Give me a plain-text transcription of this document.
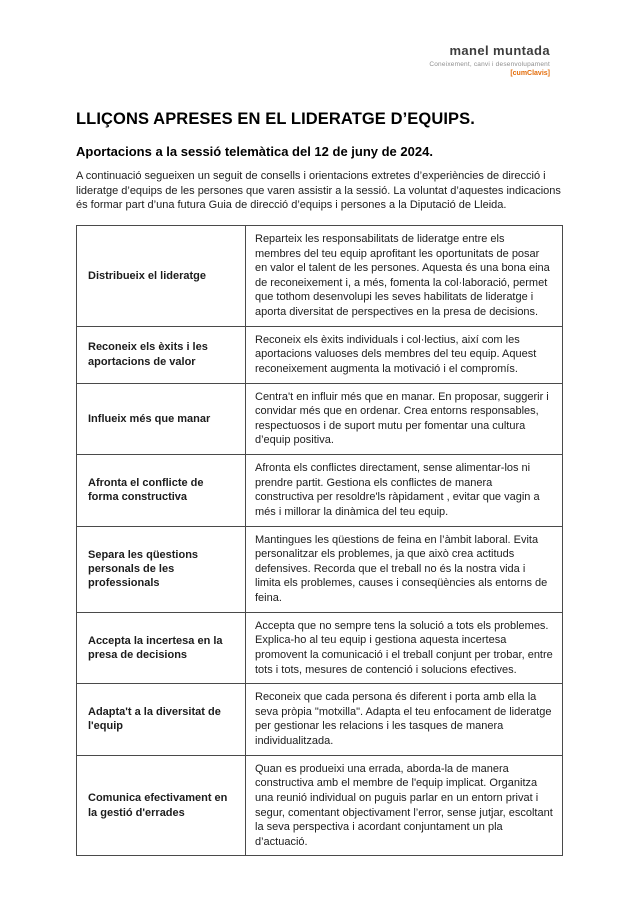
manel muntada
Coneixement, canvi i desenvolupament
[cumClavis]
LLIÇONS APRESES EN EL LIDERATGE D’EQUIPS.
Aportacions a la sessió telemàtica del 12 de juny de 2024.

A continuació segueixen un seguit de consells i orientacions extretes d’experiències de direcció i lideratge d’equips de les persones que varen assistir a la sessió. La voluntat d’aquestes indicacions és formar part d’una futura Guia de direcció d’equips i persones a la Diputació de Lleida.

Distribueix el lideratge	Reparteix les responsabilitats de lideratge entre els membres del teu equip aprofitant les oportunitats de posar en valor el talent de les persones. Aquesta és una bona eina de reconeixement i, a més, fomenta la col·laboració, permet que tothom desenvolupi les seves habilitats de lideratge i aporta diversitat de perspectives en la presa de decisions.
Reconeix els èxits i les aportacions de valor	Reconeix els èxits individuals i col·lectius, així com les aportacions valuoses dels membres del teu equip. Aquest reconeixement augmenta la motivació i el compromís.
Influeix més que manar	Centra't en influir més que en manar. En proposar, suggerir i convidar més que en ordenar. Crea entorns responsables, respectuosos i de suport mutu per fomentar una cultura d’equip positiva.
Afronta el conflicte de forma constructiva	Afronta els conflictes directament, sense alimentar-los ni prendre partit. Gestiona els conflictes de manera constructiva per resoldre'ls ràpidament , evitar que vagin a més i millorar la dinàmica del teu equip.
Separa les qüestions personals de les professionals	Mantingues les qüestions de feina en l’àmbit laboral. Evita personalitzar els problemes, ja que això crea actituds defensives. Recorda que el treball no és la nostra vida i limita els problemes, causes i conseqüències als entorns de feina.
Accepta la incertesa en la presa de decisions	Accepta que no sempre tens la solució a tots els problemes. Explica-ho al teu equip i gestiona aquesta incertesa promovent la comunicació i el treball conjunt per trobar, entre tots i tots, mesures de contenció i solucions efectives.
Adapta't a la diversitat de l'equip	Reconeix que cada persona és diferent i porta amb ella la seva pròpia "motxilla". Adapta el teu enfocament de lideratge per gestionar les relacions i les tasques de manera individualitzada.
Comunica efectivament en la gestió d'errades	Quan es produeixi una errada, aborda-la de manera constructiva amb el membre de l'equip implicat. Organitza una reunió individual on puguis parlar en un entorn privat i segur, comentant objectivament l’error, sense jutjar, escoltant la seva perspectiva i acordant conjuntament un pla d’actuació.
